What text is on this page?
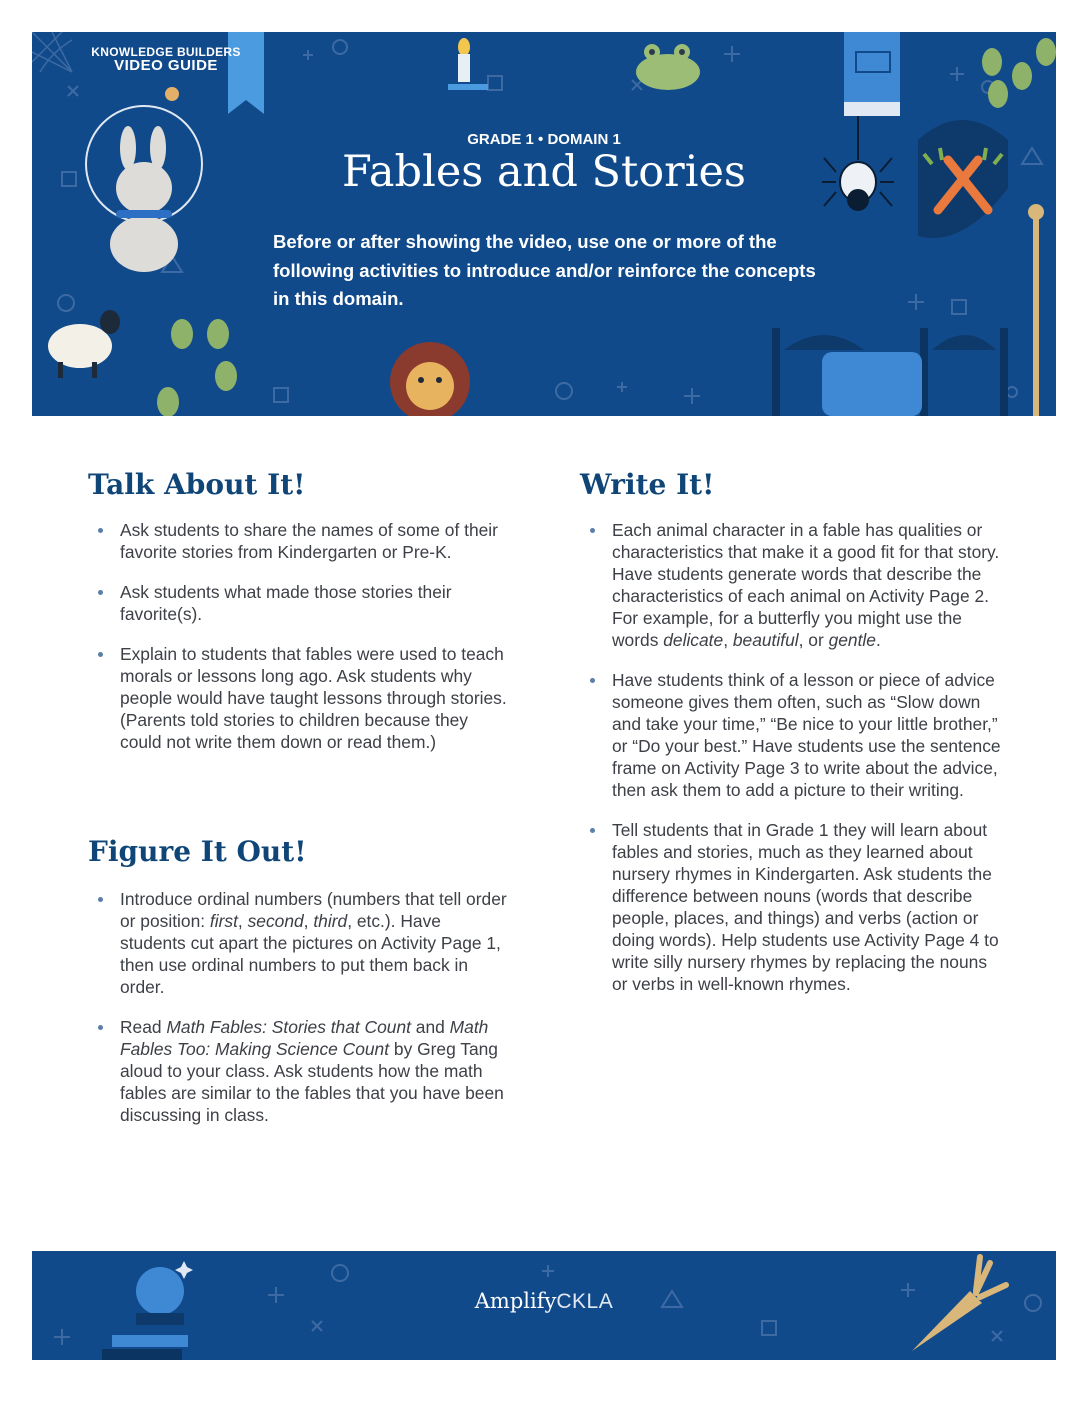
KNOWLEDGE BUILDERS
VIDEO GUIDE
GRADE 1 • DOMAIN 1
Fables and Stories
Before or after showing the video, use one or more of the following activities to introduce and/or reinforce the concepts in this domain.
Talk About It!
Ask students to share the names of some of their favorite stories from Kindergarten or Pre-K.
Ask students what made those stories their favorite(s).
Explain to students that fables were used to teach morals or lessons long ago. Ask students why people would have taught lessons through stories. (Parents told stories to children because they could not write them down or read them.)
Figure It Out!
Introduce ordinal numbers (numbers that tell order or position: first, second, third, etc.). Have students cut apart the pictures on Activity Page 1, then use ordinal numbers to put them back in order.
Read Math Fables: Stories that Count and Math Fables Too: Making Science Count by Greg Tang aloud to your class. Ask students how the math fables are similar to the fables that you have been discussing in class.
Write It!
Each animal character in a fable has qualities or characteristics that make it a good fit for that story. Have students generate words that describe the characteristics of each animal on Activity Page 2. For example, for a butterfly you might use the words delicate, beautiful, or gentle.
Have students think of a lesson or piece of advice someone gives them often, such as “Slow down and take your time,” “Be nice to your little brother,” or “Do your best.” Have students use the sentence frame on Activity Page 3 to write about the advice, then ask them to add a picture to their writing.
Tell students that in Grade 1 they will learn about fables and stories, much as they learned about nursery rhymes in Kindergarten. Ask students the difference between nouns (words that describe people, places, and things) and verbs (action or doing words). Help students use Activity Page 4 to write silly nursery rhymes by replacing the nouns or verbs in well-known rhymes.
AmplifyCKLA
